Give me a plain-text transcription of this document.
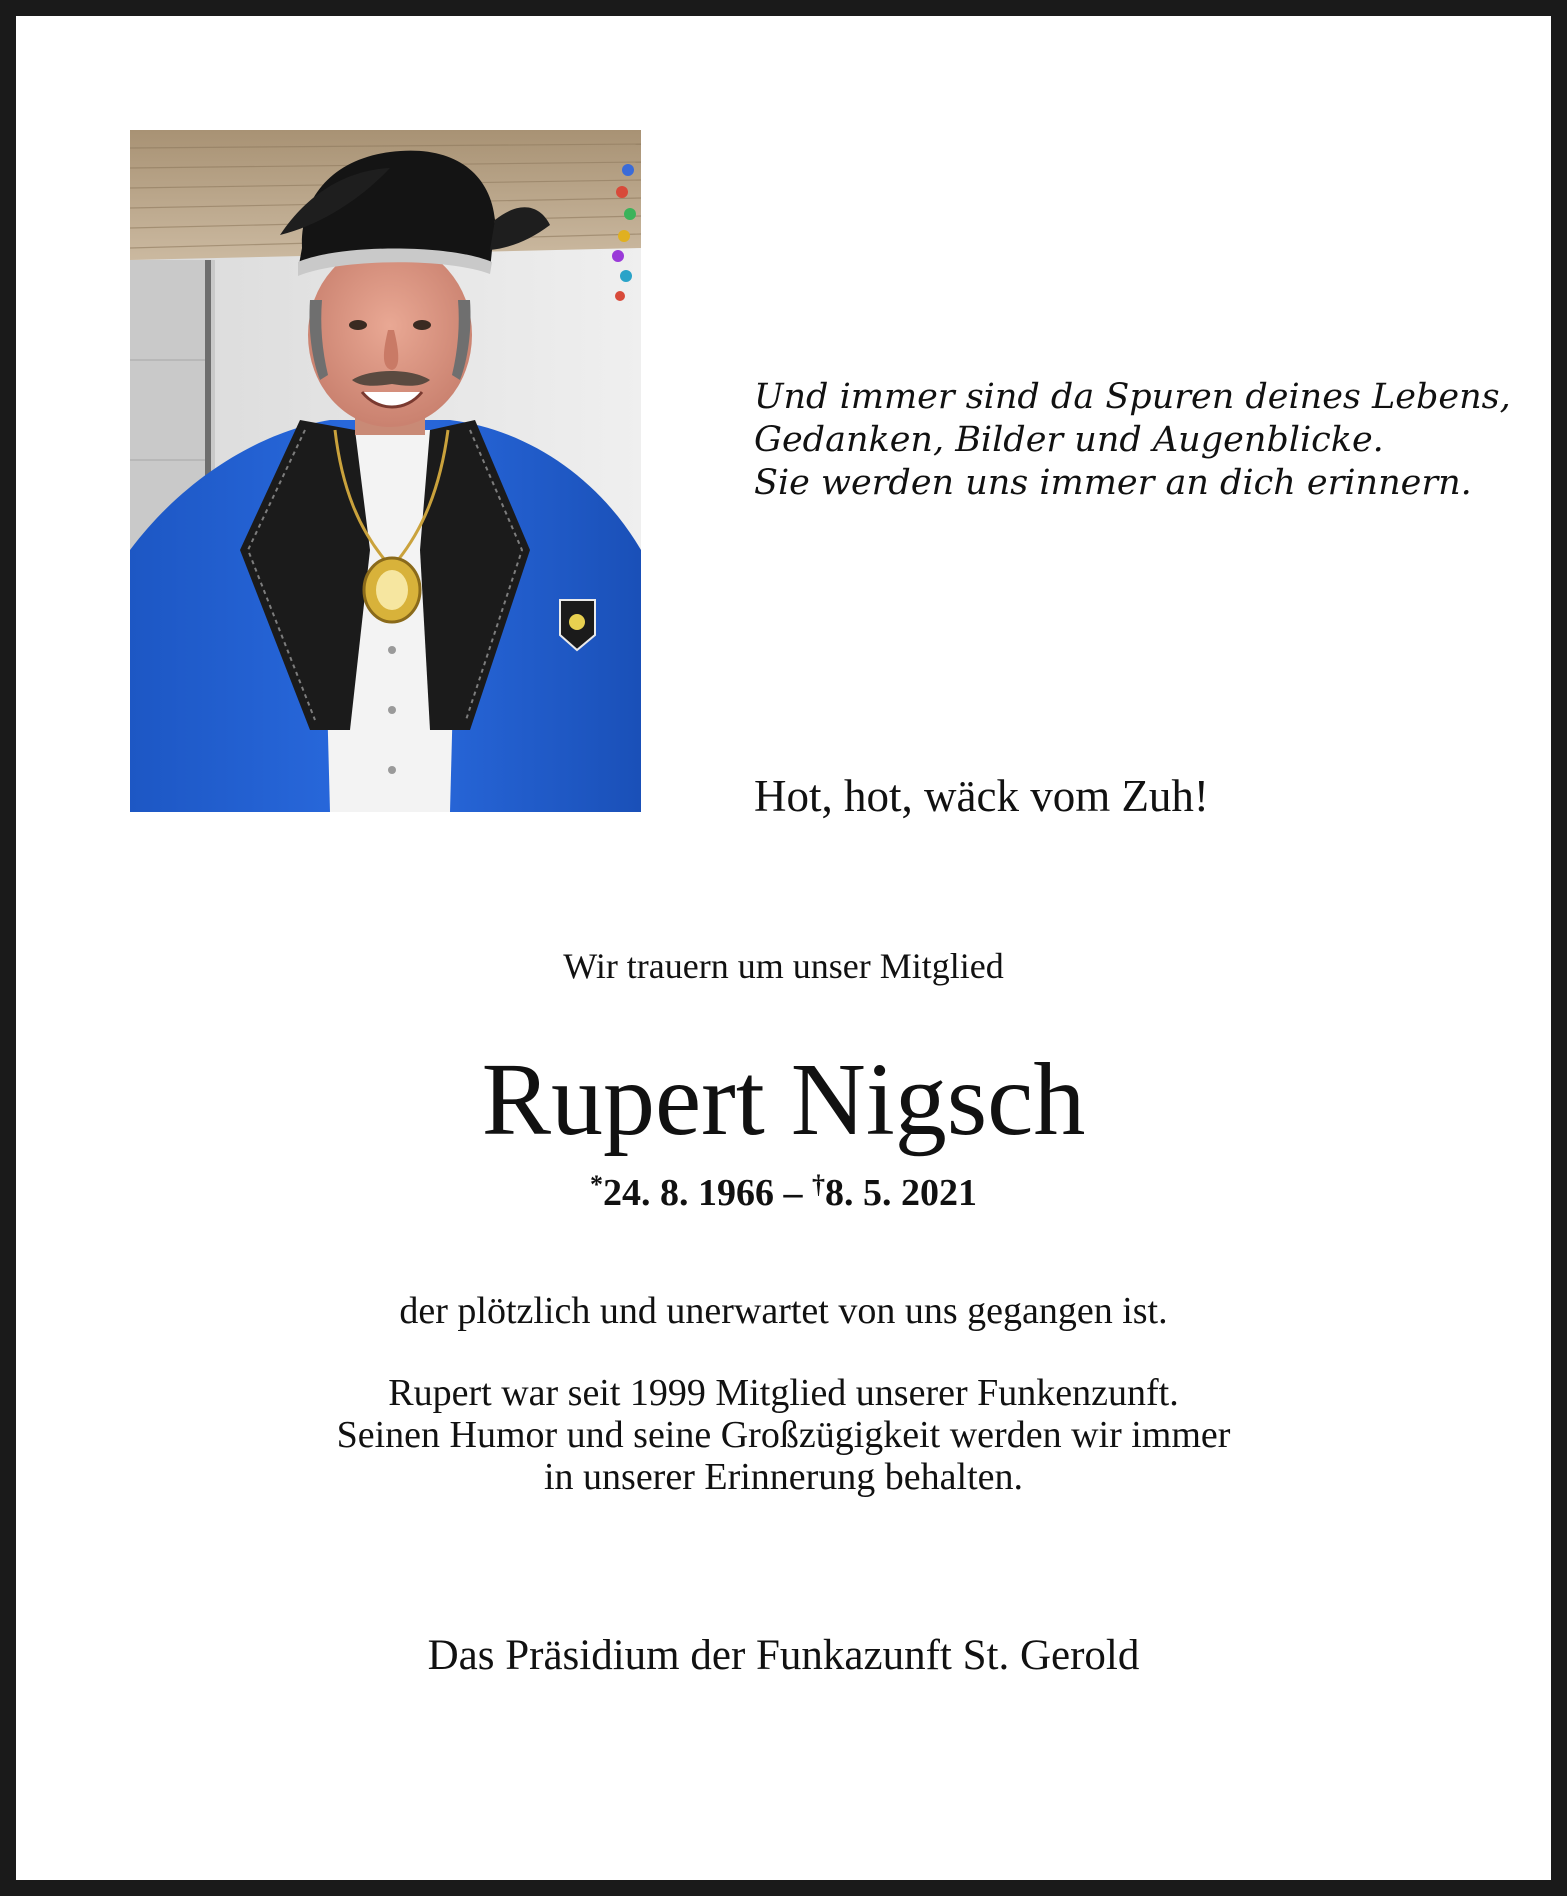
Und immer sind da Spuren deines Lebens,
Gedanken, Bilder und Augenblicke.
Sie werden uns immer an dich erinnern.
Hot, hot, wäck vom Zuh!
Wir trauern um unser Mitglied
Rupert Nigsch
*24. 8. 1966 – †8. 5. 2021
der plötzlich und unerwartet von uns gegangen ist.
Rupert war seit 1999 Mitglied unserer Funkenzunft.
Seinen Humor und seine Großzügigkeit werden wir immer
in unserer Erinnerung behalten.
Das Präsidium der Funkazunft St. Gerold
